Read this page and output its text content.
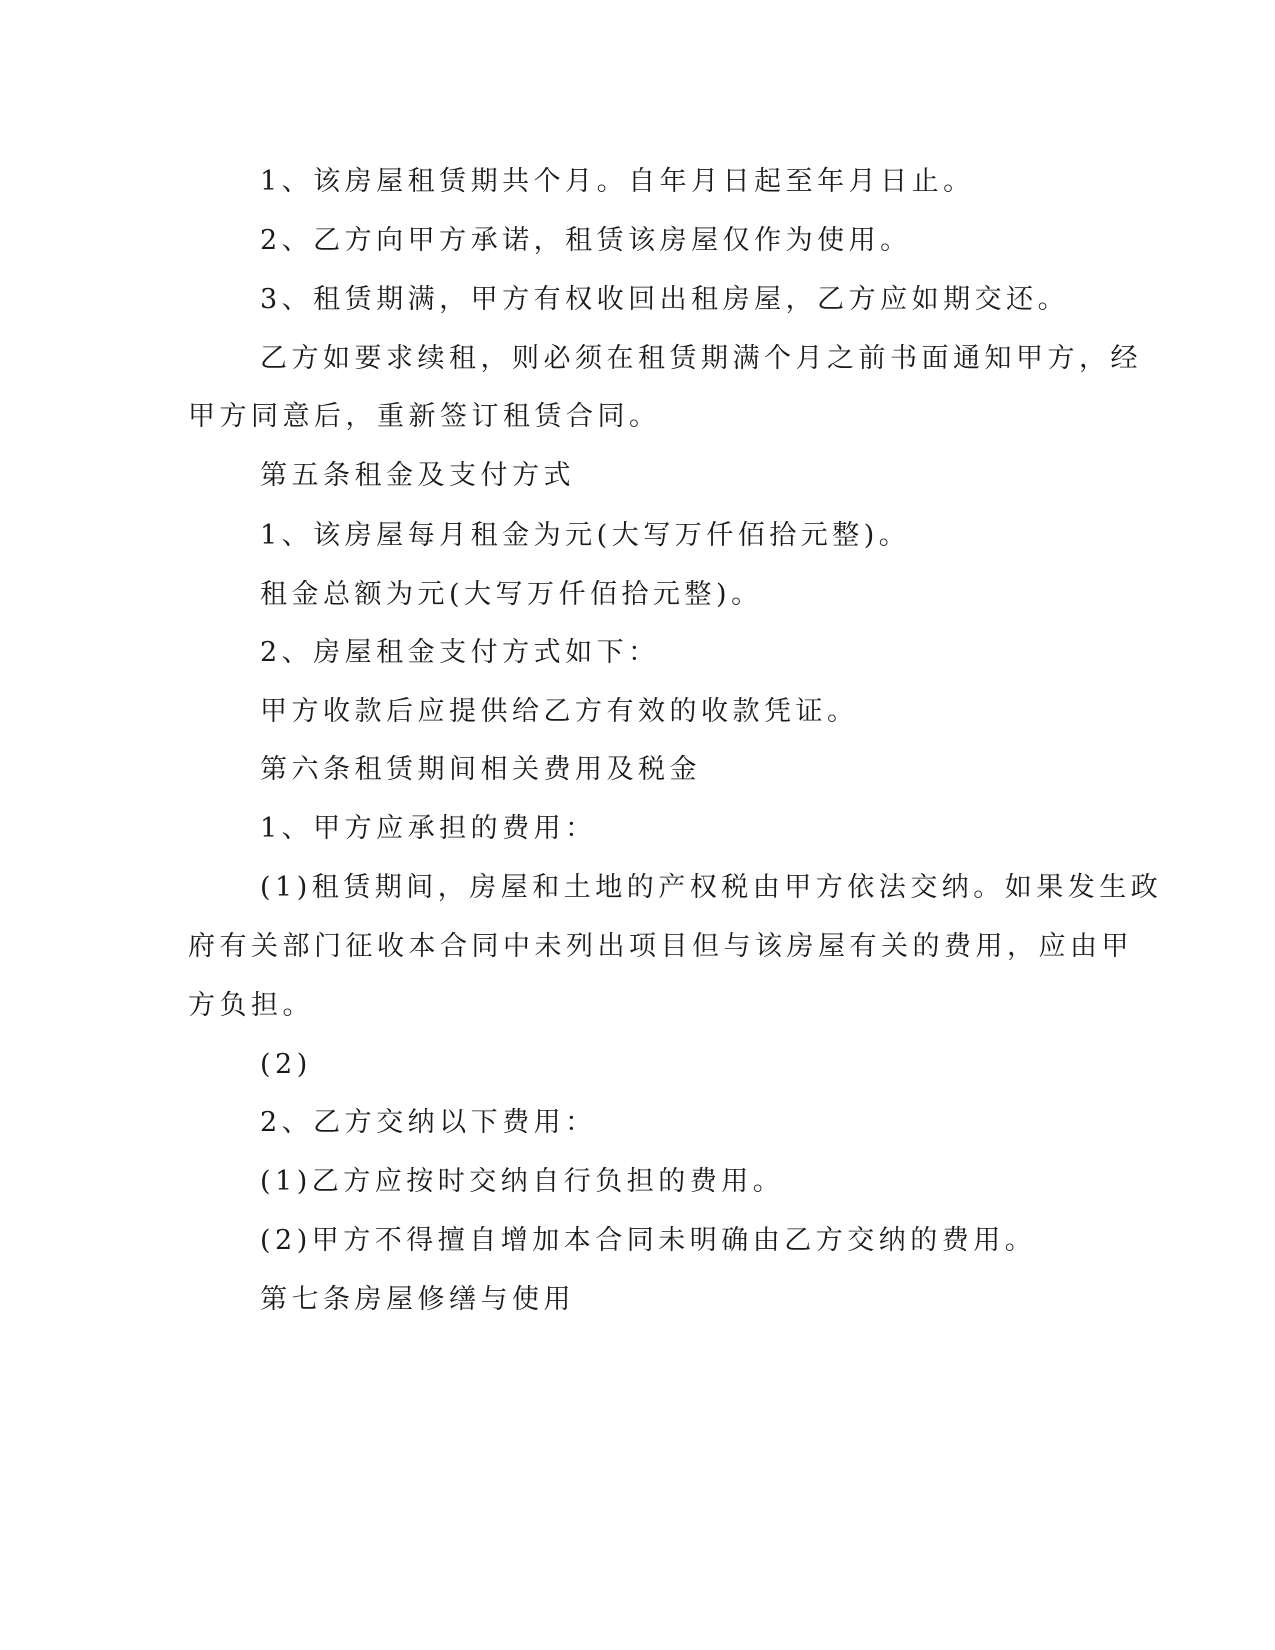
1、该房屋租赁期共个月。自年月日起至年月日止。
2、乙方向甲方承诺，租赁该房屋仅作为使用。
3、租赁期满，甲方有权收回出租房屋，乙方应如期交还。
乙方如要求续租，则必须在租赁期满个月之前书面通知甲方，经
甲方同意后，重新签订租赁合同。
第五条租金及支付方式
1、该房屋每月租金为元(大写万仟佰拾元整)。
租金总额为元(大写万仟佰拾元整)。
2、房屋租金支付方式如下：
甲方收款后应提供给乙方有效的收款凭证。
第六条租赁期间相关费用及税金
1、甲方应承担的费用：
(1)租赁期间，房屋和土地的产权税由甲方依法交纳。如果发生政
府有关部门征收本合同中未列出项目但与该房屋有关的费用，应由甲
方负担。
(2)
2、乙方交纳以下费用：
(1)乙方应按时交纳自行负担的费用。
(2)甲方不得擅自增加本合同未明确由乙方交纳的费用。
第七条房屋修缮与使用
